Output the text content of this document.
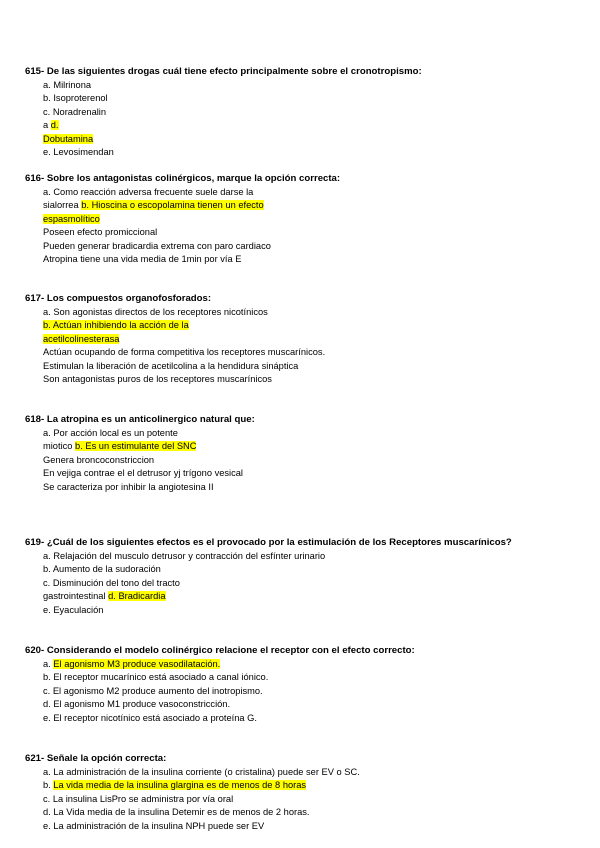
615- De las siguientes drogas cuál tiene efecto principalmente sobre el cronotropismo:
a. Milrinona
b. Isoproterenol
c. Noradrenalin
a d.
Dobutamina
e. Levosimendan
616- Sobre los antagonistas colinérgicos, marque la opción correcta:
a. Como reacción adversa frecuente suele darse la
sialorrea b. Hioscina o escopolamina tienen un efecto
espasmolítico
Poseen efecto promiccional
Pueden generar bradicardia extrema con paro cardiaco
Atropina tiene una vida media de 1min por vía E
617- Los compuestos organofosforados:
a. Son agonistas directos de los receptores nicotínicos
b. Actúan inhibiendo la acción de la
acetilcolinesterasa
Actúan ocupando de forma competitiva los receptores muscarínicos.
Estimulan la liberación de acetilcolina a la hendidura sináptica
Son antagonistas puros de los receptores muscarínicos
618- La atropina es un anticolinergico natural que:
a. Por acción local es un potente
miotico b. Es un estimulante del SNC
Genera broncoconstriccion
En vejiga contrae el el detrusor yj trígono vesical
Se caracteriza por inhibir la angiotesina II
619- ¿Cuál de los siguientes efectos es el provocado por la estimulación de los Receptores muscarínicos?
a. Relajación del musculo detrusor y contracción del esfínter urinario
b. Aumento de la sudoración
c. Disminución del tono del tracto
gastrointestinal d. Bradicardia
e. Eyaculación
620- Considerando el modelo colinérgico relacione el receptor con el efecto correcto:
a. El agonismo M3 produce vasodilatación.
b. El receptor mucarínico está asociado a canal iónico.
c. El agonismo M2 produce aumento del inotropismo.
d. El agonismo M1 produce vasoconstricción.
e. El receptor nicotínico está asociado a proteína G.
621- Señale la opción correcta:
a. La administración de la insulina corriente (o cristalina) puede ser EV o SC.
b. La vida media de la insulina glargina es de menos de 8 horas
c. La insulina LisPro se administra por vía oral
d. La Vida media de la insulina Detemir es de menos de 2 horas.
e. La administración de la insulina NPH puede ser EV
